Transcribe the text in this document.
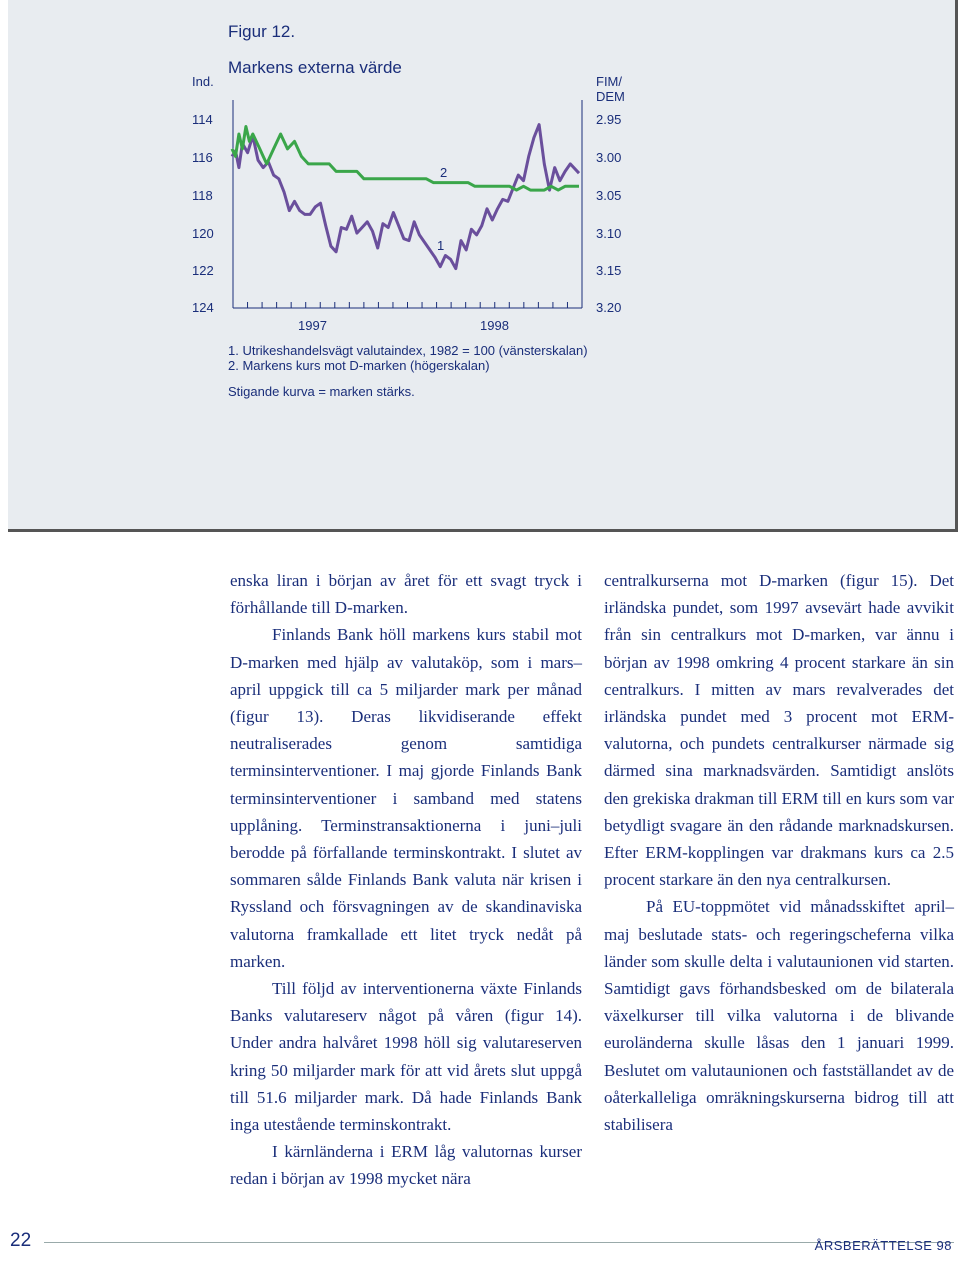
Figur 12.
Markens externa värde
Ind.	FIM/
DEM
114
116
118
120
122
124
2.95
3.00
3.05
3.10
3.15
3.20
1
2
1997	1998
1. Utrikeshandelsvägt valutaindex, 1982 = 100 (vänsterskalan)
2. Markens kurs mot D-marken (högerskalan)
Stigande kurva = marken stärks.

enska liran i början av året för ett svagt tryck i förhållande till D-marken.

Finlands Bank höll markens kurs stabil mot D-marken med hjälp av valutaköp, som i mars–april uppgick till ca 5 miljarder mark per månad (figur 13). Deras likvidiserande effekt neutraliserades genom samtidiga terminsinterventioner. I maj gjorde Finlands Bank terminsinterventioner i samband med statens upplåning. Terminstransaktionerna i juni–juli berodde på förfallande terminskontrakt. I slutet av sommaren sålde Finlands Bank valuta när krisen i Ryssland och försvagningen av de skandinaviska valutorna framkallade ett litet tryck nedåt på marken.

Till följd av interventionerna växte Finlands Banks valutareserv något på våren (figur 14). Under andra halvåret 1998 höll sig valutareserven kring 50 miljarder mark för att vid årets slut uppgå till 51.6 miljarder mark. Då hade Finlands Bank inga utestående terminskontrakt.

I kärnländerna i ERM låg valutornas kurser redan i början av 1998 mycket nära

centralkurserna mot D-marken (figur 15). Det irländska pundet, som 1997 avsevärt hade avvikit från sin centralkurs mot D-marken, var ännu i början av 1998 omkring 4 procent starkare än sin centralkurs. I mitten av mars revalverades det irländska pundet med 3 procent mot ERM-valutorna, och pundets centralkurser närmade sig därmed sina marknadsvärden. Samtidigt anslöts den grekiska drakman till ERM till en kurs som var betydligt svagare än den rådande marknadskursen. Efter ERM-kopplingen var drakmans kurs ca 2.5 procent starkare än den nya centralkursen.

På EU-toppmötet vid månadsskiftet april–maj beslutade stats- och regeringscheferna vilka länder som skulle delta i valutaunionen vid starten. Samtidigt gavs förhandsbesked om de bilaterala växelkurser till vilka valutorna i de blivande euroländerna skulle låsas den 1 januari 1999. Beslutet om valutaunionen och fastställandet av de oåterkalleliga omräkningskurserna bidrog till att stabilisera

22	ÅRSBERÄTTELSE 98
